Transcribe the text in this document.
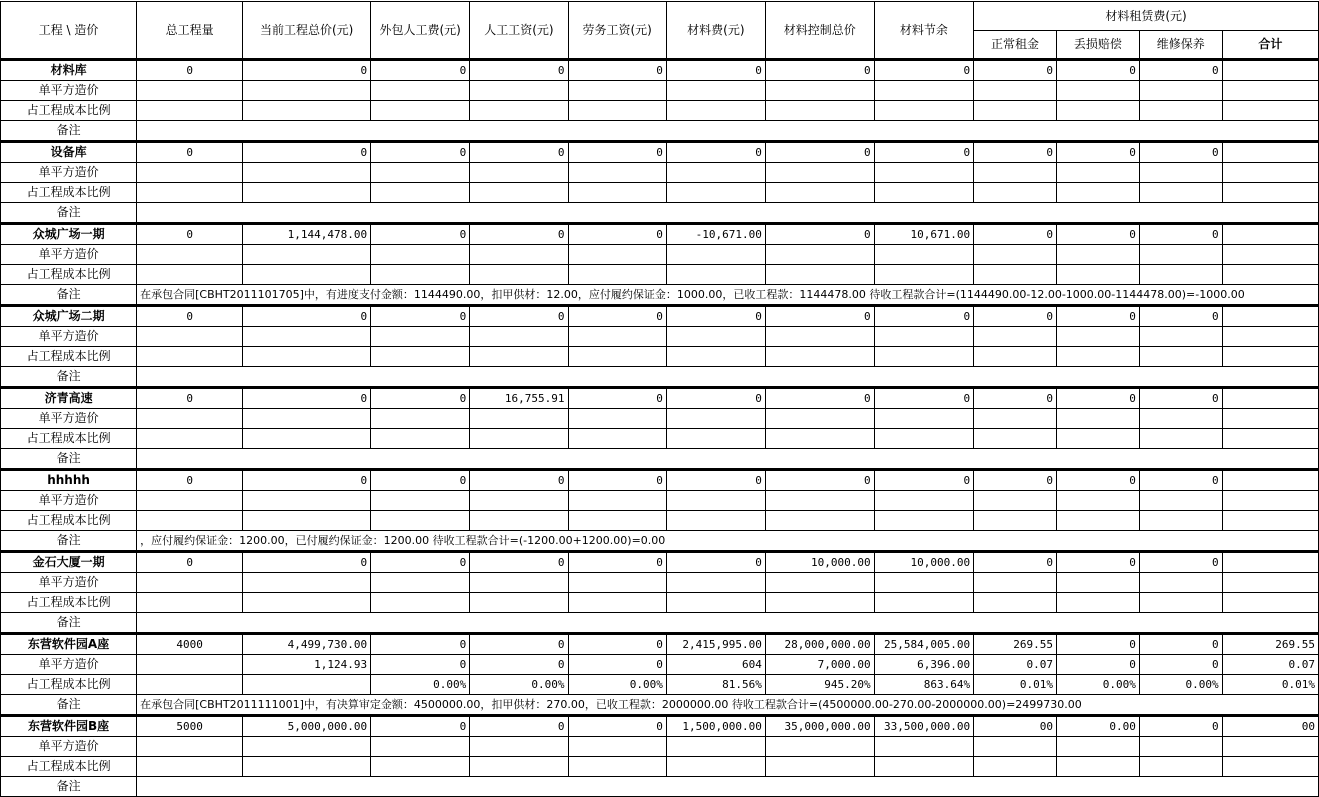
工程 \ 造价	总工程量	当前工程总价(元)	外包人工费(元)	人工工资(元)	劳务工资(元)	材料费(元)	材料控制总价	材料节余	材料租赁费(元)			
									正常租金	丢损赔偿	维修保养	合计
材料库	0	0	0	0	0	0	0	0	0	0	0	
单平方造价												
占工程成本比例												
备注												
设备库	0	0	0	0	0	0	0	0	0	0	0	
单平方造价												
占工程成本比例												
备注												
众城广场一期	0	1,144,478.00	0	0	0	-10,671.00	0	10,671.00	0	0	0	
单平方造价												
占工程成本比例												
备注	在承包合同[CBHT2011101705]中，有进度支付金额：1144490.00，扣甲供材：12.00，应付履约保证金：1000.00，已收工程款：1144478.00 待收工程款合计=(1144490.00-12.00-1000.00-1144478.00)=-1000.00											
众城广场二期	0	0	0	0	0	0	0	0	0	0	0	
单平方造价												
占工程成本比例												
备注												
济青高速	0	0	0	16,755.91	0	0	0	0	0	0	0	
单平方造价												
占工程成本比例												
备注												
hhhhh	0	0	0	0	0	0	0	0	0	0	0	
单平方造价												
占工程成本比例												
备注	，应付履约保证金：1200.00，已付履约保证金：1200.00 待收工程款合计=(-1200.00+1200.00)=0.00											
金石大厦一期	0	0	0	0	0	0	10,000.00	10,000.00	0	0	0	
单平方造价												
占工程成本比例												
备注												
东营软件园A座	4000	4,499,730.00	0	0	0	2,415,995.00	28,000,000.00	25,584,005.00	269.55	0	0	269.55
单平方造价		1,124.93	0	0	0	604	7,000.00	6,396.00	0.07	0	0	0.07
占工程成本比例			0.00%	0.00%	0.00%	81.56%	945.20%	863.64%	0.01%	0.00%	0.00%	0.01%
备注	在承包合同[CBHT2011111001]中，有决算审定金额：4500000.00，扣甲供材：270.00，已收工程款：2000000.00 待收工程款合计=(4500000.00-270.00-2000000.00)=2499730.00											
东营软件园B座	5000	5,000,000.00	0	0	0	1,500,000.00	35,000,000.00	33,500,000.00	00	0.00	0	00
单平方造价												
占工程成本比例												
备注												
